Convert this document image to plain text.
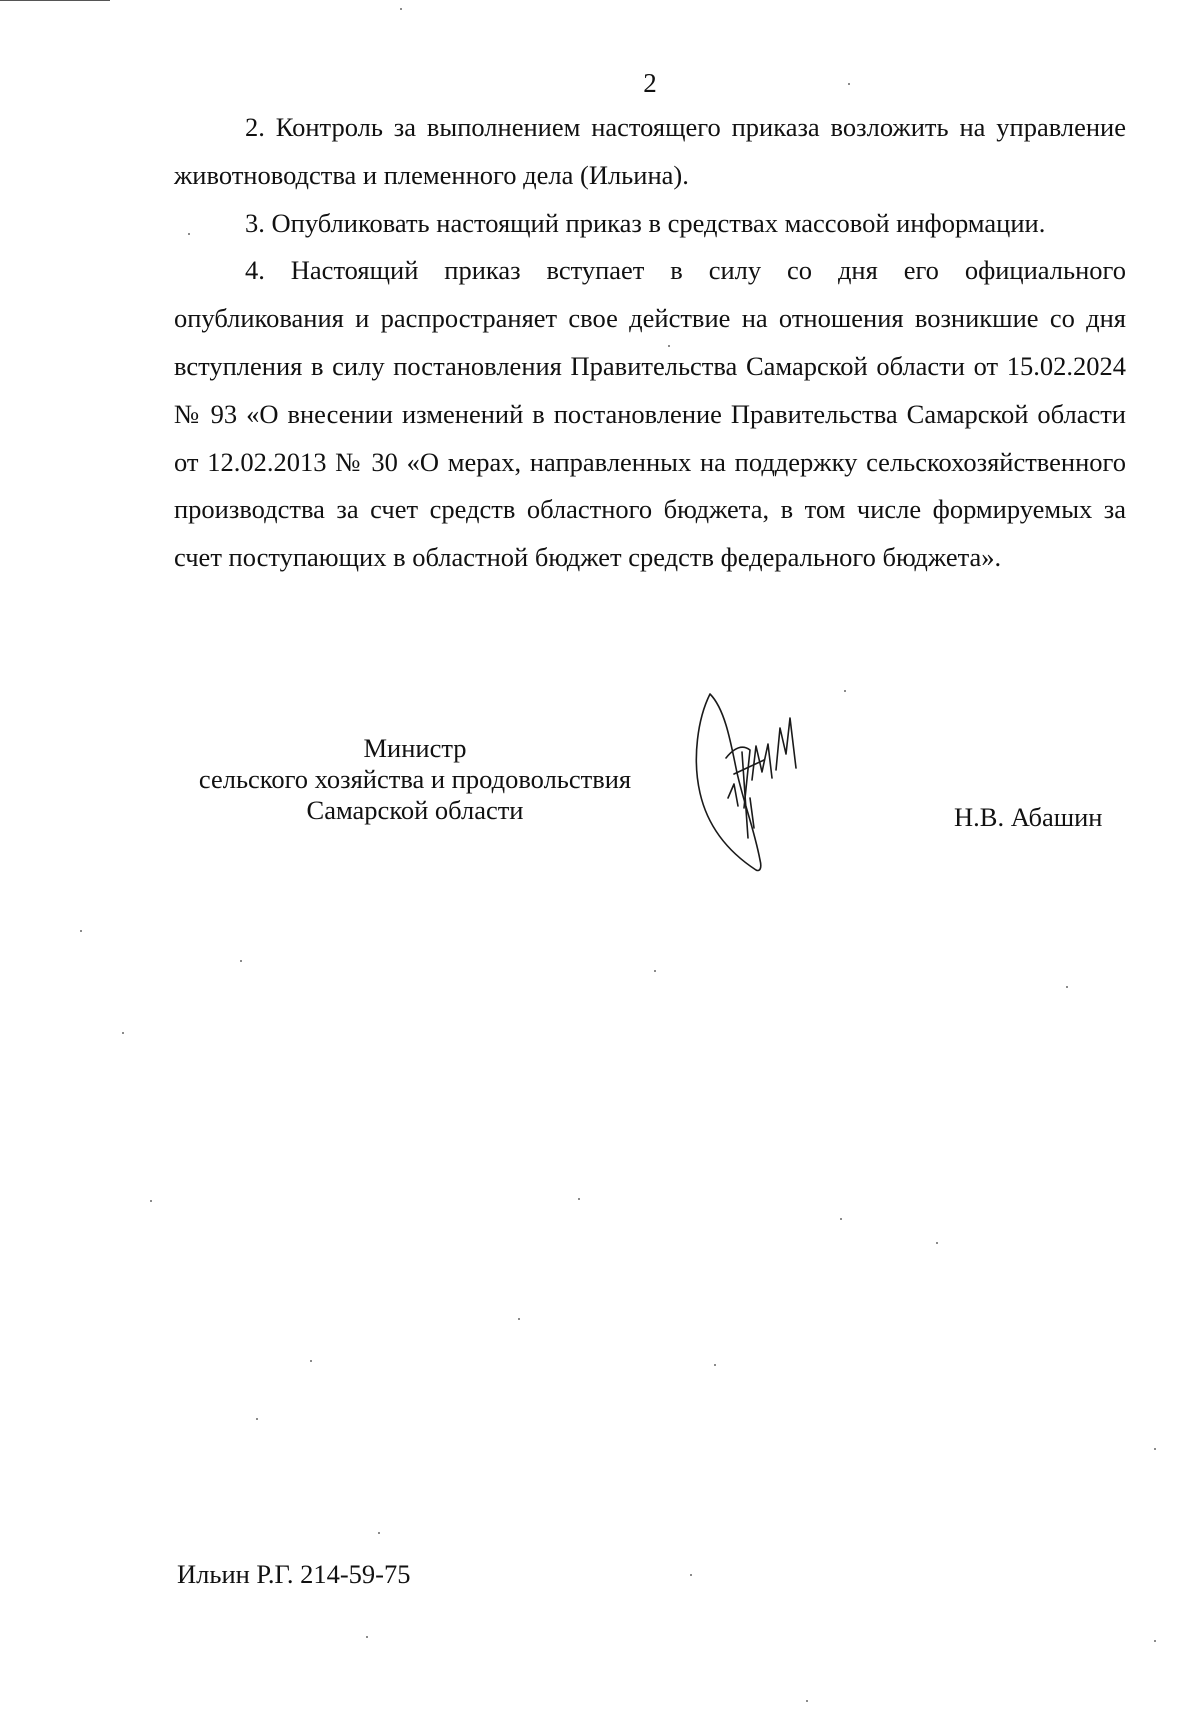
2

2. Контроль за выполнением настоящего приказа возложить на управление животноводства и племенного дела (Ильина).

3. Опубликовать настоящий приказ в средствах массовой информации.

4. Настоящий приказ вступает в силу со дня его официального опубликования и распространяет свое действие на отношения возникшие со дня вступления в силу постановления Правительства Самарской области от 15.02.2024 № 93 «О внесении изменений в постановление Правительства Самарской области от 12.02.2013 № 30 «О мерах, направленных на поддержку сельскохозяйственного производства за счет средств областного бюджета, в том числе формируемых за счет поступающих в областной бюджет средств федерального бюджета».

Министр
сельского хозяйства и продовольствия
Самарской области	Н.В. Абашин
Ильин Р.Г. 214-59-75
